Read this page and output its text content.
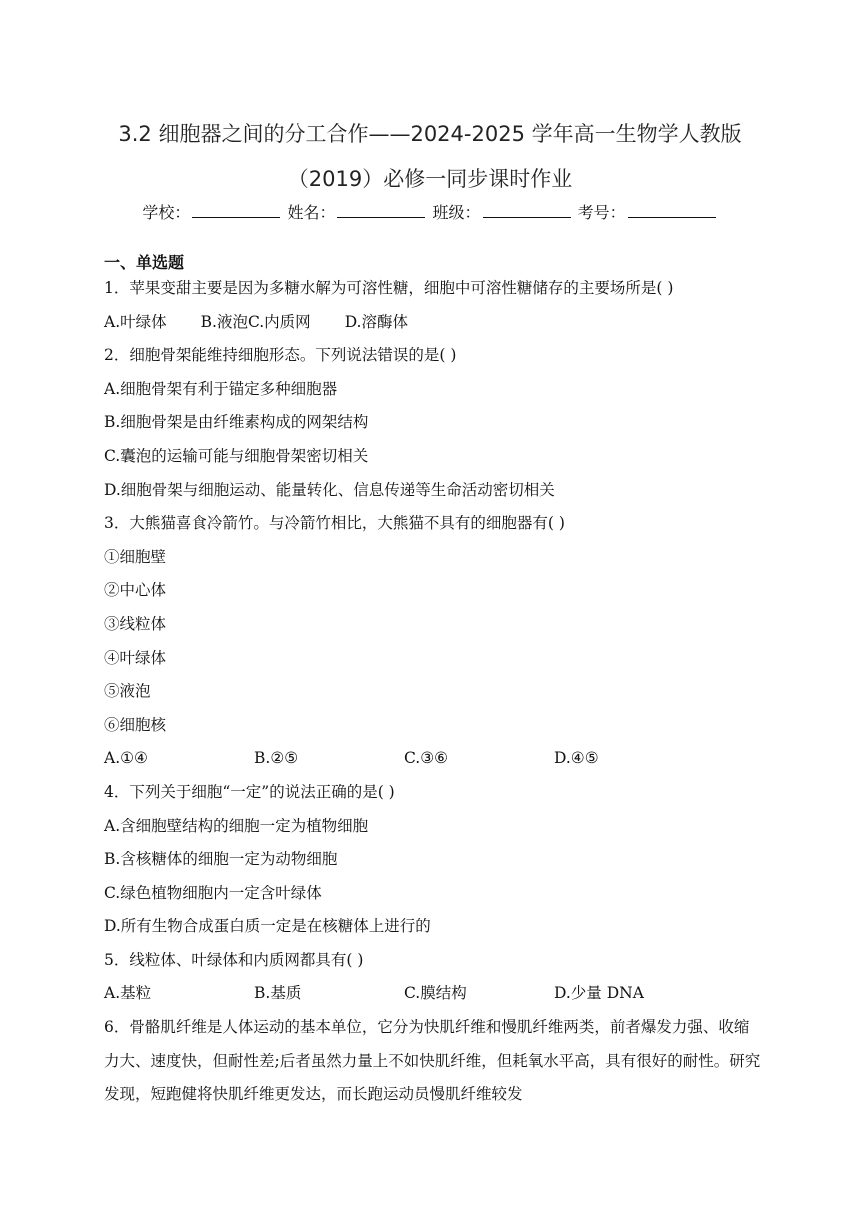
3.2 细胞器之间的分工合作——2024-2025 学年高一生物学人教版
（2019）必修一同步课时作业
学校：	姓名：	班级：	考号：
一、单选题
1．苹果变甜主要是因为多糖水解为可溶性糖，细胞中可溶性糖储存的主要场所是( )
A.叶绿体 B.液泡 C.内质网 D.溶酶体
2．细胞骨架能维持细胞形态。下列说法错误的是( )
A.细胞骨架有利于锚定多种细胞器
B.细胞骨架是由纤维素构成的网架结构
C.囊泡的运输可能与细胞骨架密切相关
D.细胞骨架与细胞运动、能量转化、信息传递等生命活动密切相关
3．大熊猫喜食冷箭竹。与冷箭竹相比，大熊猫不具有的细胞器有( )
①细胞壁
②中心体
③线粒体
④叶绿体
⑤液泡
⑥细胞核
A.①④	B.②⑤	C.③⑥	D.④⑤
4．下列关于细胞“一定”的说法正确的是( )
A.含细胞壁结构的细胞一定为植物细胞
B.含核糖体的细胞一定为动物细胞
C.绿色植物细胞内一定含叶绿体
D.所有生物合成蛋白质一定是在核糖体上进行的
5．线粒体、叶绿体和内质网都具有( )
A.基粒	B.基质	C.膜结构	D.少量 DNA
6．骨骼肌纤维是人体运动的基本单位，它分为快肌纤维和慢肌纤维两类，前者爆发力强、收缩力大、速度快，但耐性差;后者虽然力量上不如快肌纤维，但耗氧水平高，具有很好的耐性。研究发现，短跑健将快肌纤维更发达，而长跑运动员慢肌纤维较发
